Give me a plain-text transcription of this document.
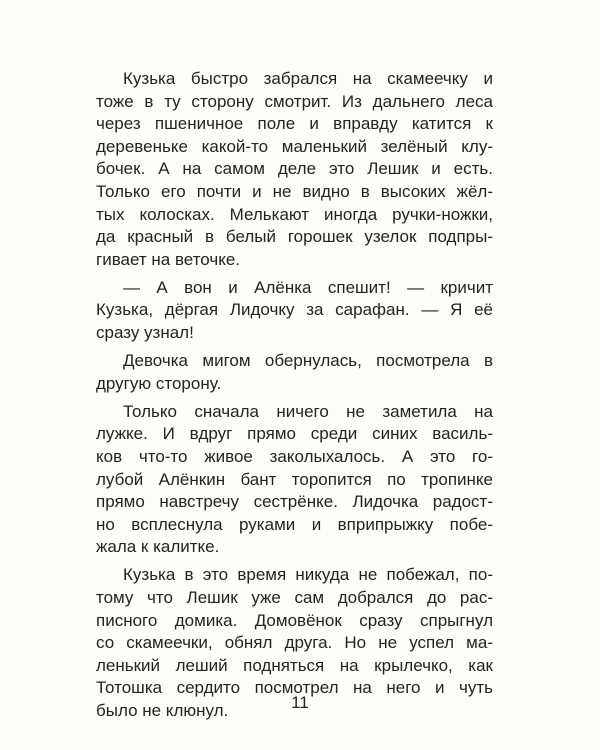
Кузька быстро забрался на скамеечку и
тоже в ту сторону смотрит. Из дальнего леса
через пшеничное поле и вправду катится к
деревеньке какой-то маленький зелёный клу-
бочек. А на самом деле это Лешик и есть.
Только его почти и не видно в высоких жёл-
тых колосках. Мелькают иногда ручки-ножки,
да красный в белый горошек узелок подпры-
гивает на веточке.
— А вон и Алёнка спешит! — кричит
Кузька, дёргая Лидочку за сарафан. — Я её
сразу узнал!
Девочка мигом обернулась, посмотрела в
другую сторону.
Только сначала ничего не заметила на
лужке. И вдруг прямо среди синих василь-
ков что-то живое заколыхалось. А это го-
лубой Алёнкин бант торопится по тропинке
прямо навстречу сестрёнке. Лидочка радост-
но всплеснула руками и вприпрыжку побе-
жала к калитке.
Кузька в это время никуда не побежал, по-
тому что Лешик уже сам добрался до рас-
писного домика. Домовёнок сразу спрыгнул
со скамеечки, обнял друга. Но не успел ма-
ленький леший подняться на крылечко, как
Тотошка сердито посмотрел на него и чуть
было не клюнул.	11
